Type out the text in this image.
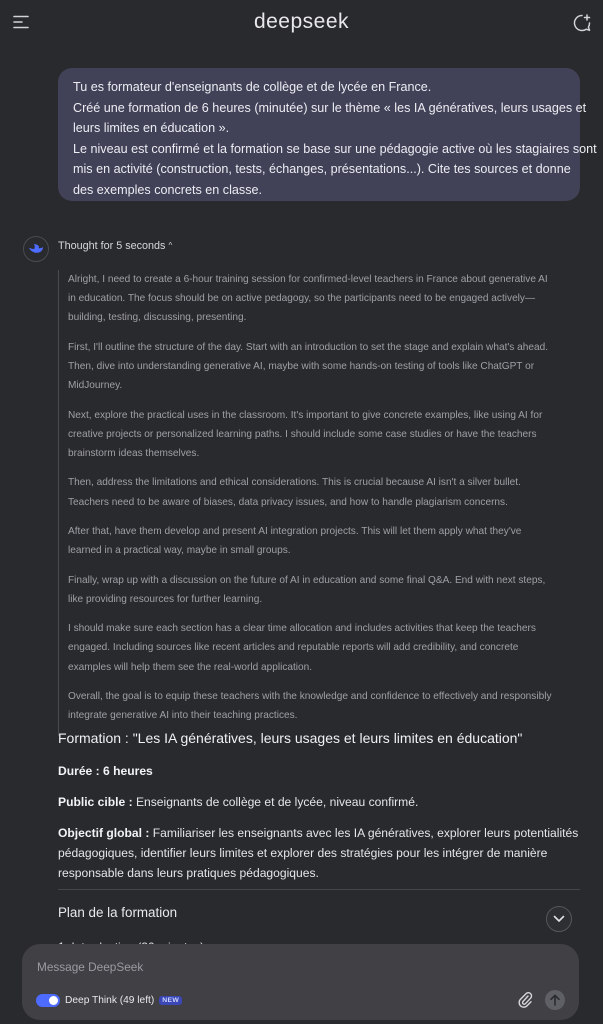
deepseek

Tu es formateur d'enseignants de collège et de lycée en France.

Créé une formation de 6 heures (minutée) sur le thème « les IA génératives, leurs usages et

leurs limites en éducation ».

Le niveau est confirmé et la formation se base sur une pédagogie active où les stagiaires sont

mis en activité (construction, tests, échanges, présentations...). Cite tes sources et donne

des exemples concrets en classe.

Thought for 5 seconds ^

Alright, I need to create a 6-hour training session for confirmed-level teachers in France about generative AI
in education. The focus should be on active pedagogy, so the participants need to be engaged actively—
building, testing, discussing, presenting.

First, I'll outline the structure of the day. Start with an introduction to set the stage and explain what's ahead.
Then, dive into understanding generative AI, maybe with some hands-on testing of tools like ChatGPT or
MidJourney.

Next, explore the practical uses in the classroom. It's important to give concrete examples, like using AI for
creative projects or personalized learning paths. I should include some case studies or have the teachers
brainstorm ideas themselves.

Then, address the limitations and ethical considerations. This is crucial because AI isn't a silver bullet.
Teachers need to be aware of biases, data privacy issues, and how to handle plagiarism concerns.

After that, have them develop and present AI integration projects. This will let them apply what they've
learned in a practical way, maybe in small groups.

Finally, wrap up with a discussion on the future of AI in education and some final Q&A. End with next steps,
like providing resources for further learning.

I should make sure each section has a clear time allocation and includes activities that keep the teachers
engaged. Including sources like recent articles and reputable reports will add credibility, and concrete
examples will help them see the real-world application.

Overall, the goal is to equip these teachers with the knowledge and confidence to effectively and responsibly
integrate generative AI into their teaching practices.

Formation : "Les IA génératives, leurs usages et leurs limites en éducation"

Durée : 6 heures

Public cible : Enseignants de collège et de lycée, niveau confirmé.

Objectif global : Familiariser les enseignants avec les IA génératives, explorer leurs potentialités
pédagogiques, identifier leurs limites et explorer des stratégies pour les intégrer de manière
responsable dans leurs pratiques pédagogiques.

Plan de la formation
Message DeepSeek
Deep Think (49 left)	NEW
